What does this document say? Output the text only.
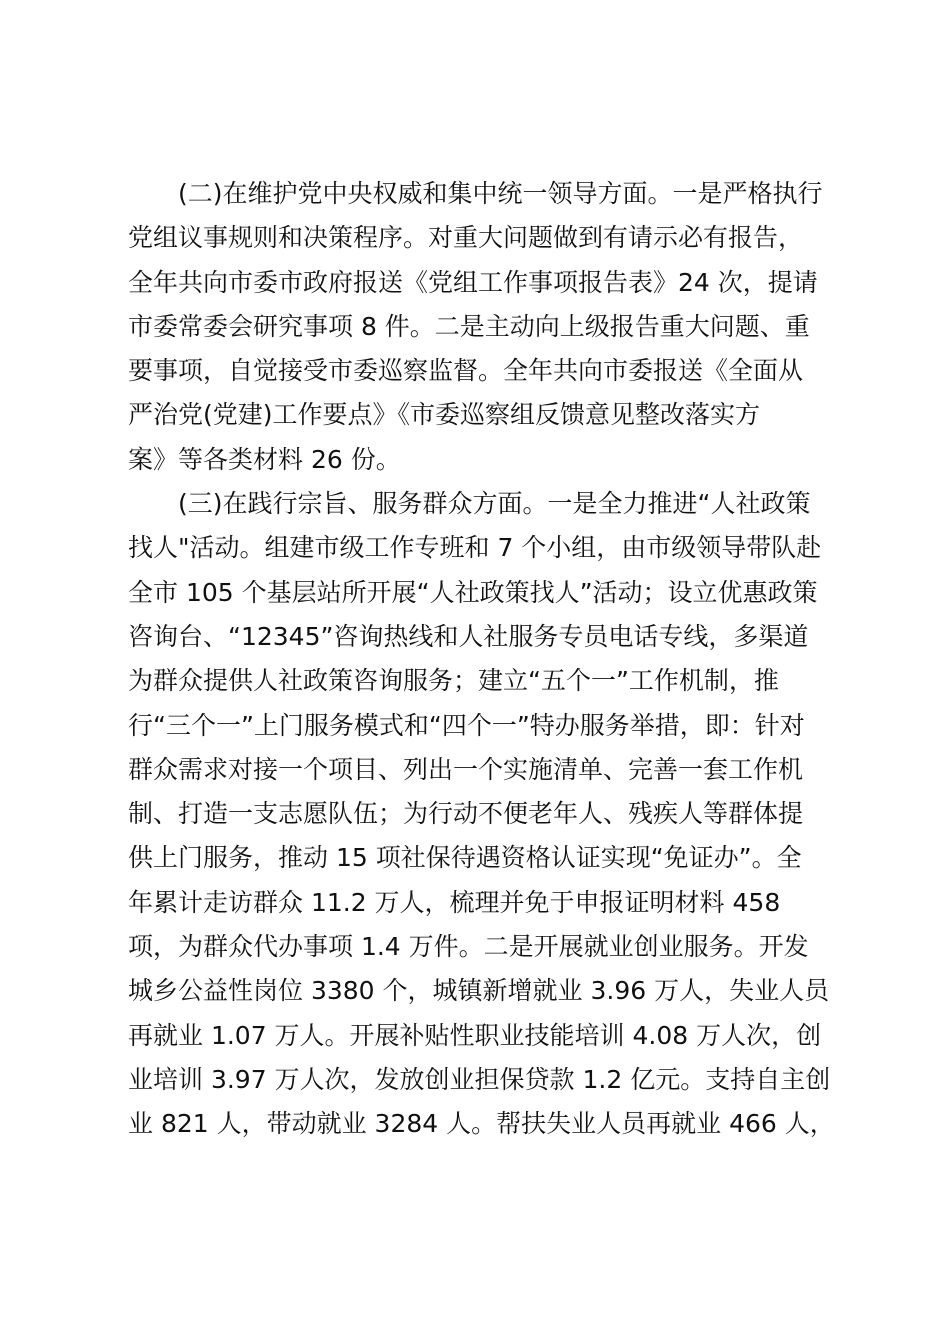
(二)在维护党中央权威和集中统一领导方面。一是严格执行
党组议事规则和决策程序。对重大问题做到有请示必有报告，
全年共向市委市政府报送《党组工作事项报告表》24 次，提请
市委常委会研究事项 8 件。二是主动向上级报告重大问题、重
要事项，自觉接受市委巡察监督。全年共向市委报送《全面从
严治党(党建)工作要点》《市委巡察组反馈意见整改落实方
案》等各类材料 26 份。
(三)在践行宗旨、服务群众方面。一是全力推进“人社政策
找人"活动。组建市级工作专班和 7 个小组，由市级领导带队赴
全市 105 个基层站所开展“人社政策找人”活动；设立优惠政策
咨询台、“12345”咨询热线和人社服务专员电话专线，多渠道
为群众提供人社政策咨询服务；建立“五个一”工作机制，推
行“三个一”上门服务模式和“四个一”特办服务举措，即：针对
群众需求对接一个项目、列出一个实施清单、完善一套工作机
制、打造一支志愿队伍；为行动不便老年人、残疾人等群体提
供上门服务，推动 15 项社保待遇资格认证实现“免证办”。全
年累计走访群众 11.2 万人，梳理并免于申报证明材料 458
项，为群众代办事项 1.4 万件。二是开展就业创业服务。开发
城乡公益性岗位 3380 个，城镇新增就业 3.96 万人，失业人员
再就业 1.07 万人。开展补贴性职业技能培训 4.08 万人次，创
业培训 3.97 万人次，发放创业担保贷款 1.2 亿元。支持自主创
业 821 人，带动就业 3284 人。帮扶失业人员再就业 466 人，
